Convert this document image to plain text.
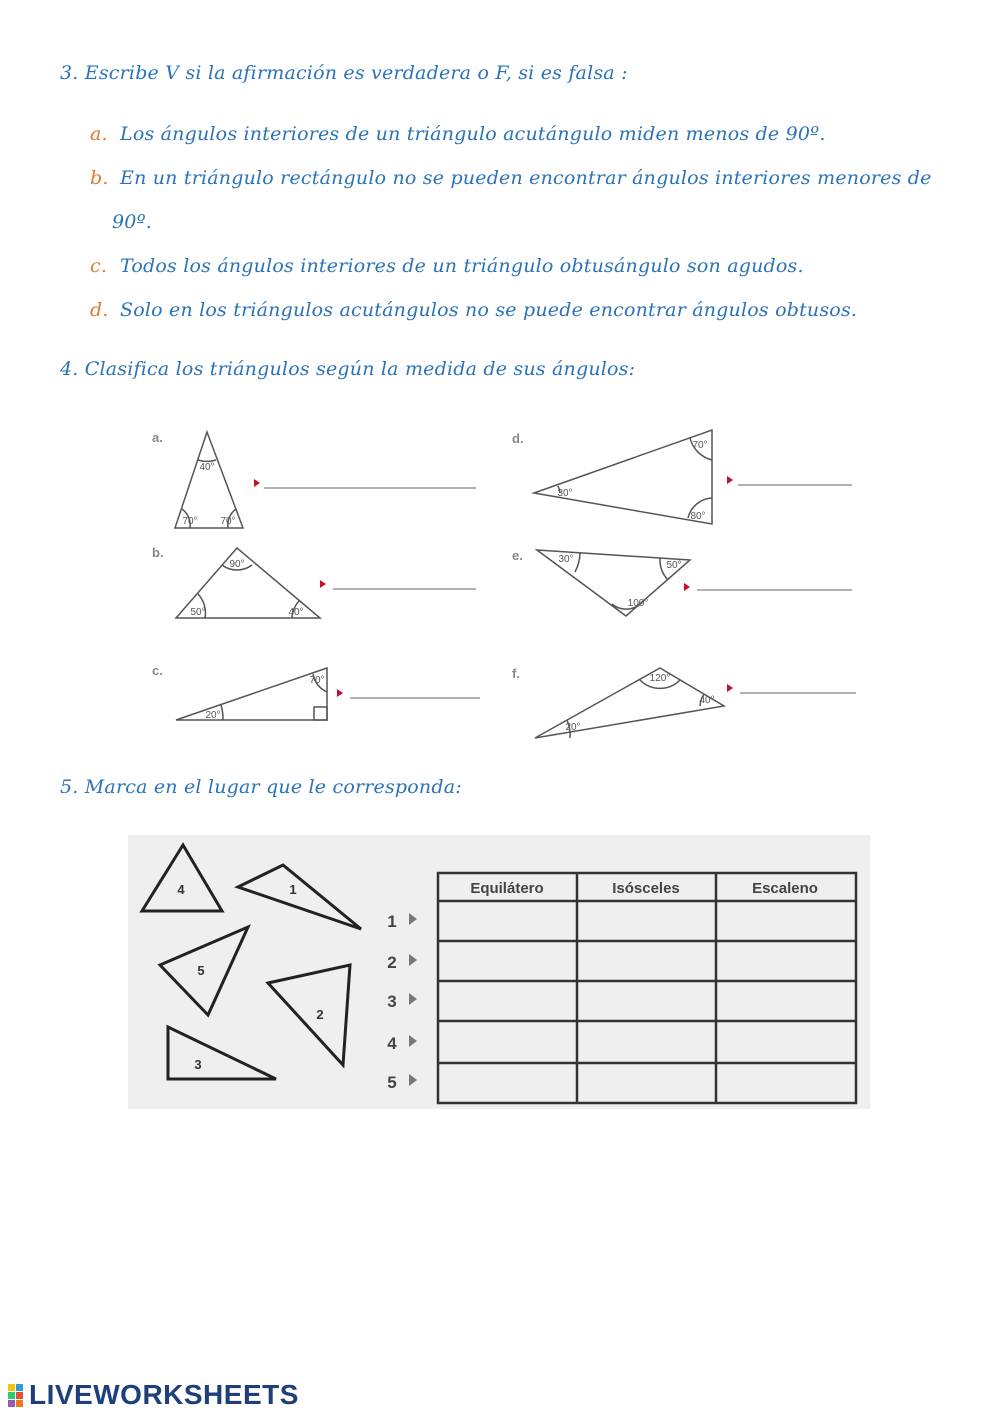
3. Escribe V si la afirmación es verdadera o F, si es falsa :
a. Los ángulos interiores de un triángulo acutángulo miden menos de 90º.
b. En un triángulo rectángulo no se pueden encontrar ángulos interiores menores de
90º.
c. Todos los ángulos interiores de un triángulo obtusángulo son agudos.
d. Solo en los triángulos acutángulos no se puede encontrar ángulos obtusos.
4. Clasifica los triángulos según la medida de sus ángulos:
a.
b.
c.
d.
e.
f.
40°
70° 70°
90°
50°	40°
70°
20°
70°
30°
80°
30°
50°
100°
120°
40°
20°
5. Marca en el lugar que le corresponda:
4	1
5
2
3
1
2
3
4
5
Equilátero	Isósceles	Escaleno
LIVEWORKSHEETS
